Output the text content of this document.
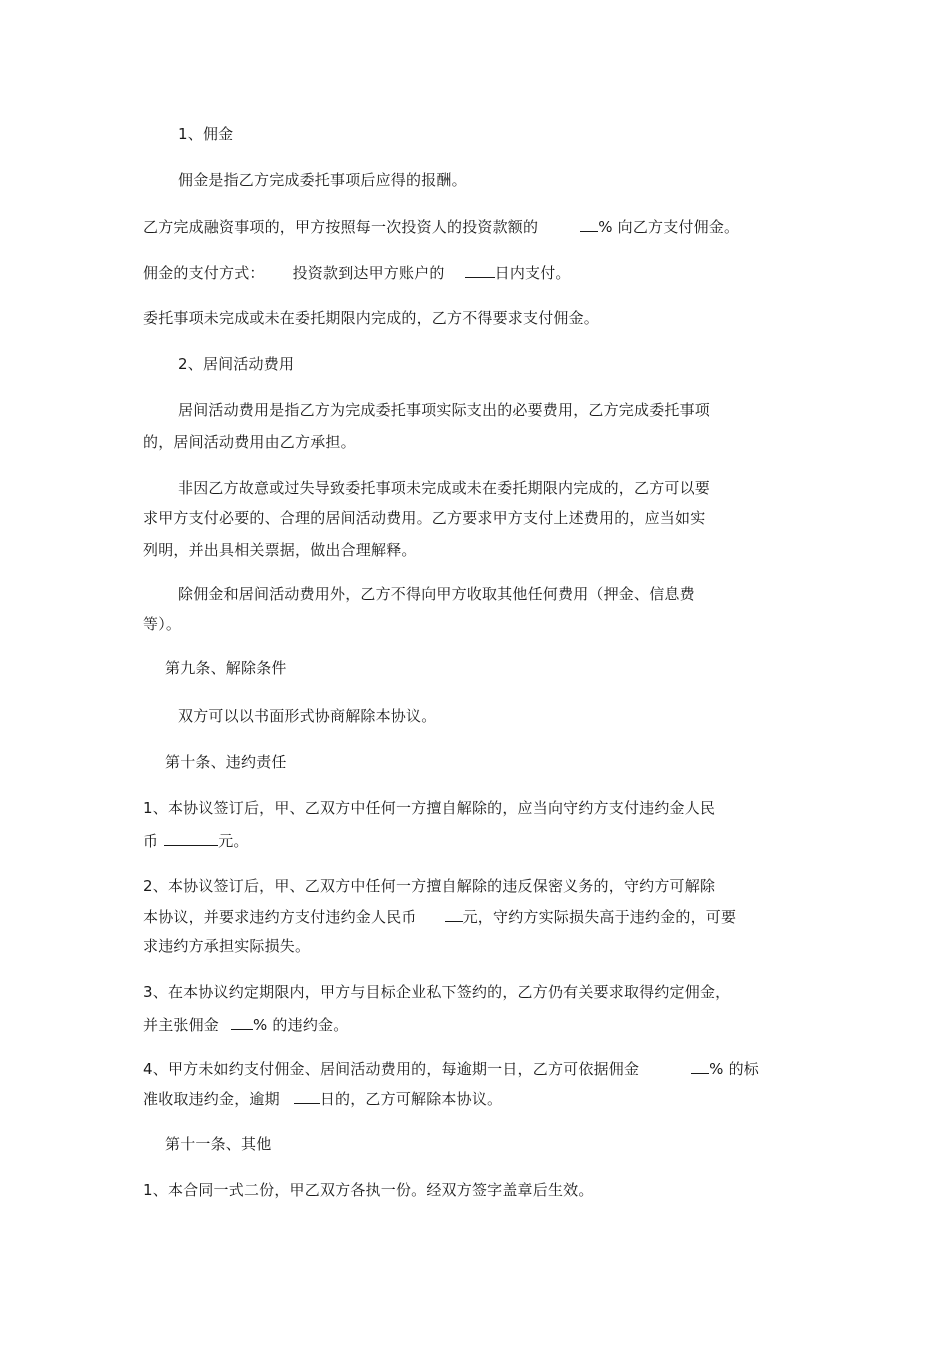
1、佣金
佣金是指乙方完成委托事项后应得的报酬。
乙方完成融资事项的，甲方按照每一次投资人的投资款额的	% 向乙方支付佣金。
佣金的支付方式： 投资款到达甲方账户的	日内支付。
委托事项未完成或未在委托期限内完成的，乙方不得要求支付佣金。
2、居间活动费用
居间活动费用是指乙方为完成委托事项实际支出的必要费用，乙方完成委托事项
的，居间活动费用由乙方承担。
非因乙方故意或过失导致委托事项未完成或未在委托期限内完成的，乙方可以要
求甲方支付必要的、合理的居间活动费用。乙方要求甲方支付上述费用的，应当如实
列明，并出具相关票据，做出合理解释。
除佣金和居间活动费用外，乙方不得向甲方收取其他任何费用（押金、信息费
等）。
第九条、解除条件
双方可以以书面形式协商解除本协议。
第十条、违约责任
1、本协议签订后，甲、乙双方中任何一方擅自解除的，应当向守约方支付违约金人民
币	元。
2、本协议签订后，甲、乙双方中任何一方擅自解除的违反保密义务的，守约方可解除
本协议，并要求违约方支付违约金人民币	元，守约方实际损失高于违约金的，可要
求违约方承担实际损失。
3、在本协议约定期限内，甲方与目标企业私下签约的，乙方仍有关要求取得约定佣金，
并主张佣金 % 的违约金。
4、甲方未如约支付佣金、居间活动费用的，每逾期一日，乙方可依据佣金	% 的标
准收取违约金，逾期	日的，乙方可解除本协议。
第十一条、其他
1、本合同一式二份，甲乙双方各执一份。经双方签字盖章后生效。
